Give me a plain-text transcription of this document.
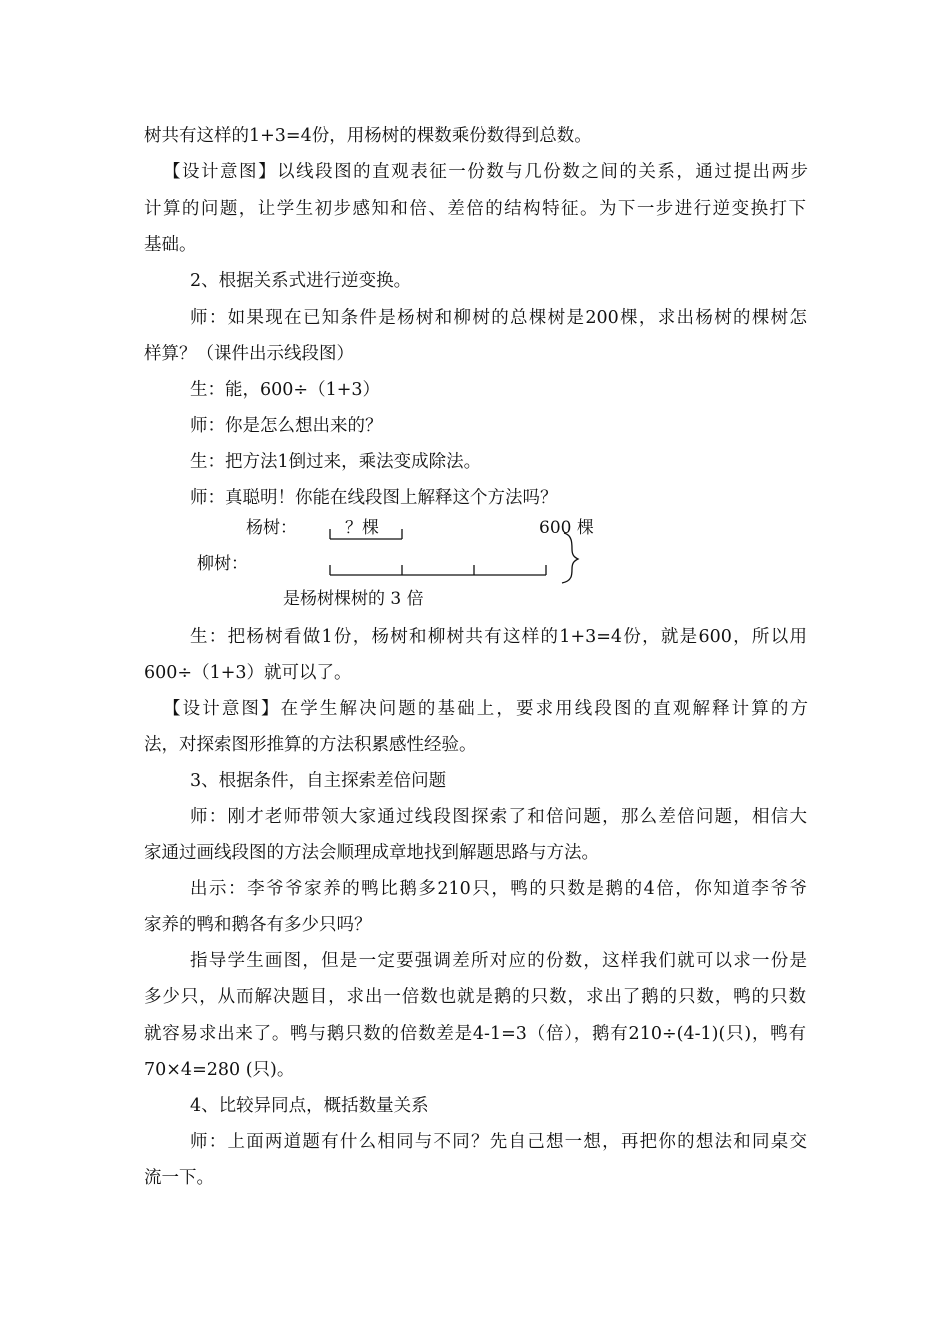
树共有这样的1+3=4份，用杨树的棵数乘份数得到总数。
【设计意图】以线段图的直观表征一份数与几份数之间的关系，通过提出两步
计算的问题，让学生初步感知和倍、差倍的结构特征。为下一步进行逆变换打下
基础。
2、根据关系式进行逆变换。
师：如果现在已知条件是杨树和柳树的总棵树是200棵，求出杨树的棵树怎
样算？（课件出示线段图）
生：能，600÷（1+3）
师：你是怎么想出来的？
生：把方法1倒过来，乘法变成除法。
师：真聪明！你能在线段图上解释这个方法吗？
杨树：	？棵	600 棵
柳树：
是杨树棵树的 3 倍
生：把杨树看做1份，杨树和柳树共有这样的1+3=4份，就是600，所以用
600÷（1+3）就可以了。
【设计意图】在学生解决问题的基础上，要求用线段图的直观解释计算的方
法，对探索图形推算的方法积累感性经验。
3、根据条件，自主探索差倍问题
师：刚才老师带领大家通过线段图探索了和倍问题，那么差倍问题，相信大
家通过画线段图的方法会顺理成章地找到解题思路与方法。
出示：李爷爷家养的鸭比鹅多210只，鸭的只数是鹅的4倍，你知道李爷爷
家养的鸭和鹅各有多少只吗？
指导学生画图，但是一定要强调差所对应的份数，这样我们就可以求一份是
多少只，从而解决题目，求出一倍数也就是鹅的只数，求出了鹅的只数，鸭的只数
就容易求出来了。鸭与鹅只数的倍数差是4-1=3（倍），鹅有210÷(4-1)(只)，鸭有
70×4=280 (只)。
4、比较异同点，概括数量关系
师：上面两道题有什么相同与不同？先自己想一想，再把你的想法和同桌交
流一下。
